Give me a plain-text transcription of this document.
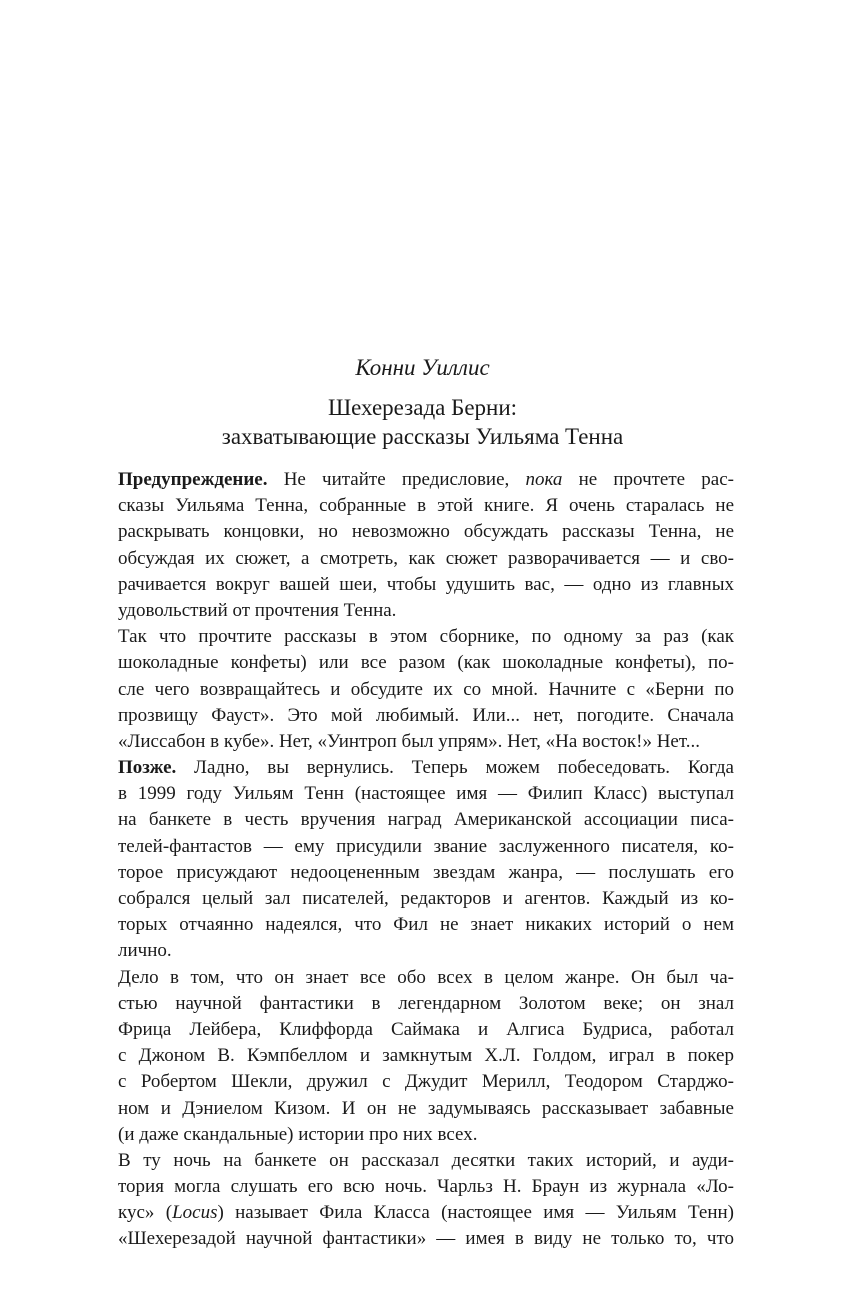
Конни Уиллис
Шехерезада Берни:
захватывающие рассказы Уильяма Тенна
Предупреждение. Не читайте предисловие, пока не прочтете рас-
сказы Уильяма Тенна, собранные в этой книге. Я очень старалась не
раскрывать концовки, но невозможно обсуждать рассказы Тенна, не
обсуждая их сюжет, а смотреть, как сюжет разворачивается — и сво-
рачивается вокруг вашей шеи, чтобы удушить вас, — одно из главных
удовольствий от прочтения Тенна.
Так что прочтите рассказы в этом сборнике, по одному за раз (как
шоколадные конфеты) или все разом (как шоколадные конфеты), по-
сле чего возвращайтесь и обсудите их со мной. Начните с «Берни по
прозвищу Фауст». Это мой любимый. Или... нет, погодите. Сначала
«Лиссабон в кубе». Нет, «Уинтроп был упрям». Нет, «На восток!» Нет...
Позже. Ладно, вы вернулись. Теперь можем побеседовать. Когда
в 1999 году Уильям Тенн (настоящее имя — Филип Класс) выступал
на банкете в честь вручения наград Американской ассоциации писа-
телей-фантастов — ему присудили звание заслуженного писателя, ко-
торое присуждают недооцененным звездам жанра, — послушать его
собрался целый зал писателей, редакторов и агентов. Каждый из ко-
торых отчаянно надеялся, что Фил не знает никаких историй о нем
лично.
Дело в том, что он знает все обо всех в целом жанре. Он был ча-
стью научной фантастики в легендарном Золотом веке; он знал
Фрица Лейбера, Клиффорда Саймака и Алгиса Будриса, работал
с Джоном В. Кэмпбеллом и замкнутым Х.Л. Голдом, играл в покер
с Робертом Шекли, дружил с Джудит Мерилл, Теодором Старджо-
ном и Дэниелом Кизом. И он не задумываясь рассказывает забавные
(и даже скандальные) истории про них всех.
В ту ночь на банкете он рассказал десятки таких историй, и ауди-
тория могла слушать его всю ночь. Чарльз Н. Браун из журнала «Ло-
кус» (Locus) называет Фила Класса (настоящее имя — Уильям Тенн)
«Шехерезадой научной фантастики» — имея в виду не только то, что
